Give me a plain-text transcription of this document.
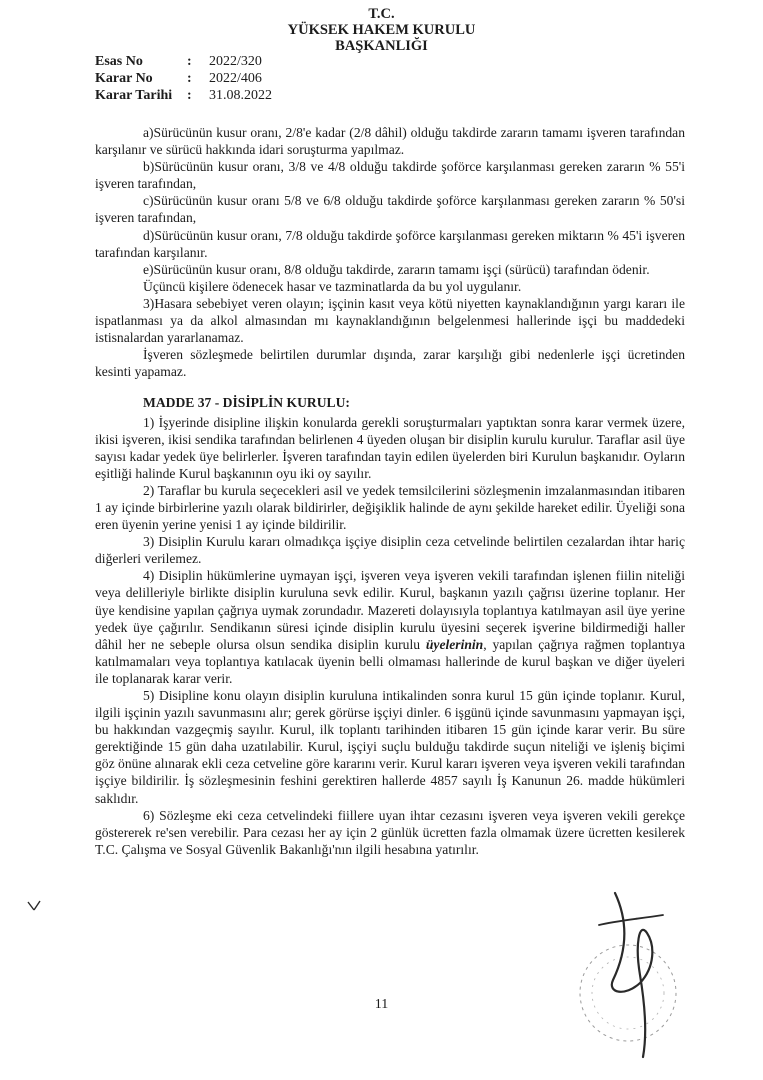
T.C.
YÜKSEK HAKEM KURULU
BAŞKANLIĞI
Esas No	:	2022/320
Karar No	:	2022/406
Karar Tarihi	:	31.08.2022

a)Sürücünün kusur oranı, 2/8'e kadar (2/8 dâhil) olduğu takdirde zararın tamamı işveren tarafından karşılanır ve sürücü hakkında idari soruşturma yapılmaz.

b)Sürücünün kusur oranı, 3/8 ve 4/8 olduğu takdirde şoförce karşılanması gereken zararın % 55'i işveren tarafından,

c)Sürücünün kusur oranı 5/8 ve 6/8 olduğu takdirde şoförce karşılanması gereken zararın % 50'si işveren tarafından,

d)Sürücünün kusur oranı, 7/8 olduğu takdirde şoförce karşılanması gereken miktarın % 45'i işveren tarafından karşılanır.

e)Sürücünün kusur oranı, 8/8 olduğu takdirde, zararın tamamı işçi (sürücü) tarafından ödenir.

Üçüncü kişilere ödenecek hasar ve tazminatlarda da bu yol uygulanır.

3)Hasara sebebiyet veren olayın; işçinin kasıt veya kötü niyetten kaynaklandığının yargı kararı ile ispatlanması ya da alkol almasından mı kaynaklandığının belgelenmesi hallerinde işçi bu maddedeki istisnalardan yararlanamaz.

İşveren sözleşmede belirtilen durumlar dışında, zarar karşılığı gibi nedenlerle işçi ücretinden kesinti yapamaz.

MADDE 37 - DİSİPLİN KURULU:

1) İşyerinde disipline ilişkin konularda gerekli soruşturmaları yaptıktan sonra karar vermek üzere, ikisi işveren, ikisi sendika tarafından belirlenen 4 üyeden oluşan bir disiplin kurulu kurulur. Taraflar asil üye sayısı kadar yedek üye belirlerler. İşveren tarafından tayin edilen üyelerden biri Kurulun başkanıdır. Oyların eşitliği halinde Kurul başkanının oyu iki oy sayılır.

2) Taraflar bu kurula seçecekleri asil ve yedek temsilcilerini sözleşmenin imzalanmasından itibaren 1 ay içinde birbirlerine yazılı olarak bildirirler, değişiklik halinde de aynı şekilde hareket edilir. Üyeliği sona eren üyenin yerine yenisi 1 ay içinde bildirilir.

3) Disiplin Kurulu kararı olmadıkça işçiye disiplin ceza cetvelinde belirtilen cezalardan ihtar hariç diğerleri verilemez.

4) Disiplin hükümlerine uymayan işçi, işveren veya işveren vekili tarafından işlenen fiilin niteliği veya delilleriyle birlikte disiplin kuruluna sevk edilir. Kurul, başkanın yazılı çağrısı üzerine toplanır. Her üye kendisine yapılan çağrıya uymak zorundadır. Mazereti dolayısıyla toplantıya katılmayan asil üye yerine yedek üye çağırılır. Sendikanın süresi içinde disiplin kurulu üyesini seçerek işverine bildirmediği haller dâhil her ne sebeple olursa olsun sendika disiplin kurulu üyelerinin, yapılan çağrıya rağmen toplantıya katılmamaları veya toplantıya katılacak üyenin belli olmaması hallerinde de kurul başkan ve diğer üyeleri ile toplanarak karar verir.

5) Disipline konu olayın disiplin kuruluna intikalinden sonra kurul 15 gün içinde toplanır. Kurul, ilgili işçinin yazılı savunmasını alır; gerek görürse işçiyi dinler. 6 işgünü içinde savunmasını yapmayan işçi, bu hakkından vazgeçmiş sayılır. Kurul, ilk toplantı tarihinden itibaren 15 gün içinde karar verir. Bu süre gerektiğinde 15 gün daha uzatılabilir. Kurul, işçiyi suçlu bulduğu takdirde suçun niteliği ve işleniş biçimi göz önüne alınarak ekli ceza cetveline göre kararını verir. Kurul kararı işveren veya işveren vekili tarafından işçiye bildirilir. İş sözleşmesinin feshini gerektiren hallerde 4857 sayılı İş Kanunun 26. madde hükümleri saklıdır.

6) Sözleşme eki ceza cetvelindeki fiillere uyan ihtar cezasını işveren veya işveren vekili gerekçe göstererek re'sen verebilir. Para cezası her ay için 2 günlük ücretten fazla olmamak üzere ücretten kesilerek T.C. Çalışma ve Sosyal Güvenlik Bakanlığı'nın ilgili hesabına yatırılır.

11
